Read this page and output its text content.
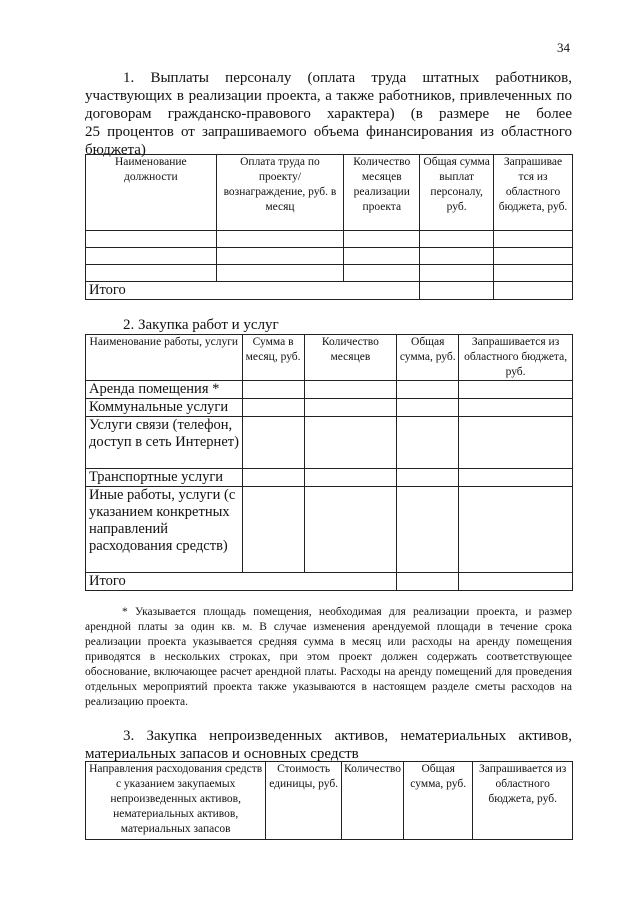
34
1. Выплаты персоналу (оплата труда штатных работников,
участвующих в реализации проекта, а также работников, привлеченных по
договорам гражданско-правового характера) (в размере не более
25 процентов от запрашиваемого объема финансирования из областного
бюджета)
Наименование должности	Оплата труда по проекту/ вознаграждение, руб. в месяц	Количество месяцев реализации проекта	Общая сумма выплат персоналу, руб.	Запрашивае тся из областного бюджета, руб.

Итого				
2. Закупка работ и услуг
Наименование работы, услуги	Сумма в месяц, руб.	Количество месяцев	Общая сумма, руб.	Запрашивается из областного бюджета, руб.
Аренда помещения *				
Коммунальные услуги				
Услуги связи (телефон, доступ в сеть Интернет)				
Транспортные услуги				
Иные работы, услуги (с указанием конкретных направлений расходования средств)				
Итого				
* Указывается площадь помещения, необходимая для реализации проекта, и размер арендной платы за один кв. м. В случае изменения арендуемой площади в течение срока реализации проекта указывается средняя сумма в месяц или расходы на аренду помещения приводятся в нескольких строках, при этом проект должен содержать соответствующее обоснование, включающее расчет арендной платы. Расходы на аренду помещений для проведения отдельных мероприятий проекта также указываются в настоящем разделе сметы расходов на реализацию проекта.
3. Закупка непроизведенных активов, нематериальных активов,
материальных запасов и основных средств
Направления расходования средств с указанием закупаемых непроизведенных активов, нематериальных активов, материальных запасов	Стоимость единицы, руб.	Количество	Общая сумма, руб.	Запрашивается из областного бюджета, руб.
